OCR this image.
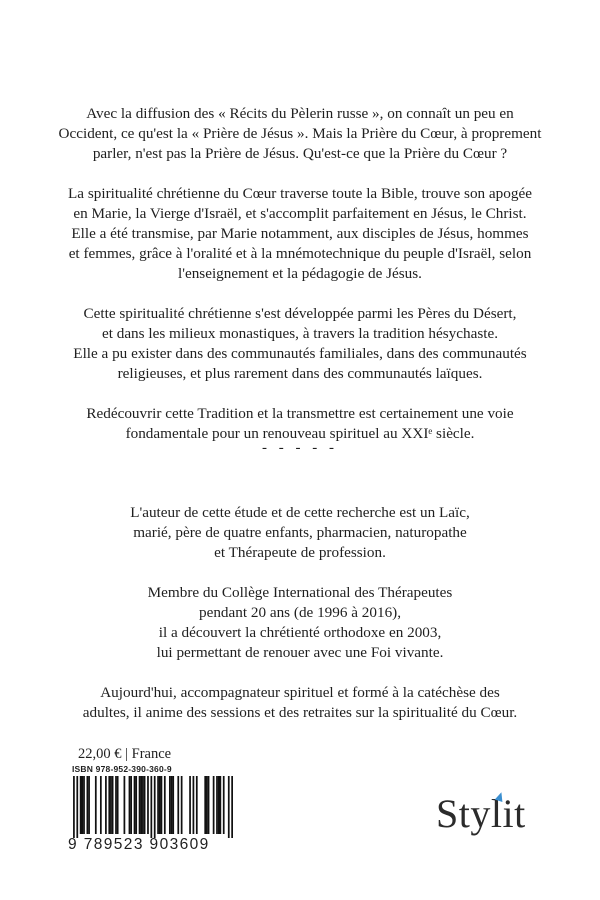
Avec la diffusion des « Récits du Pèlerin russe », on connaît un peu en
Occident, ce qu'est la « Prière de Jésus ». Mais la Prière du Cœur, à proprement
parler, n'est pas la Prière de Jésus. Qu'est-ce que la Prière du Cœur ?

La spiritualité chrétienne du Cœur traverse toute la Bible, trouve son apogée
en Marie, la Vierge d'Israël, et s'accomplit parfaitement en Jésus, le Christ.
Elle a été transmise, par Marie notamment, aux disciples de Jésus, hommes
et femmes, grâce à l'oralité et à la mnémotechnique du peuple d'Israël, selon
l'enseignement et la pédagogie de Jésus.

Cette spiritualité chrétienne s'est développée parmi les Pères du Désert,
et dans les milieux monastiques, à travers la tradition hésychaste.
Elle a pu exister dans des communautés familiales, dans des communautés
religieuses, et plus rarement dans des communautés laïques.

Redécouvrir cette Tradition et la transmettre est certainement une voie
fondamentale pour un renouveau spirituel au XXIᵉ siècle.

- - - - -

L'auteur de cette étude et de cette recherche est un Laïc,
marié, père de quatre enfants, pharmacien, naturopathe
et Thérapeute de profession.

Membre du Collège International des Thérapeutes
pendant 20 ans (de 1996 à 2016),
il a découvert la chrétienté orthodoxe en 2003,
lui permettant de renouer avec une Foi vivante.

Aujourd'hui, accompagnateur spirituel et formé à la catéchèse des
adultes, il anime des sessions et des retraites sur la spiritualité du Cœur.

22,00 € | France
ISBN 978-952-390-360-9
9 789523 903609
Stylit
